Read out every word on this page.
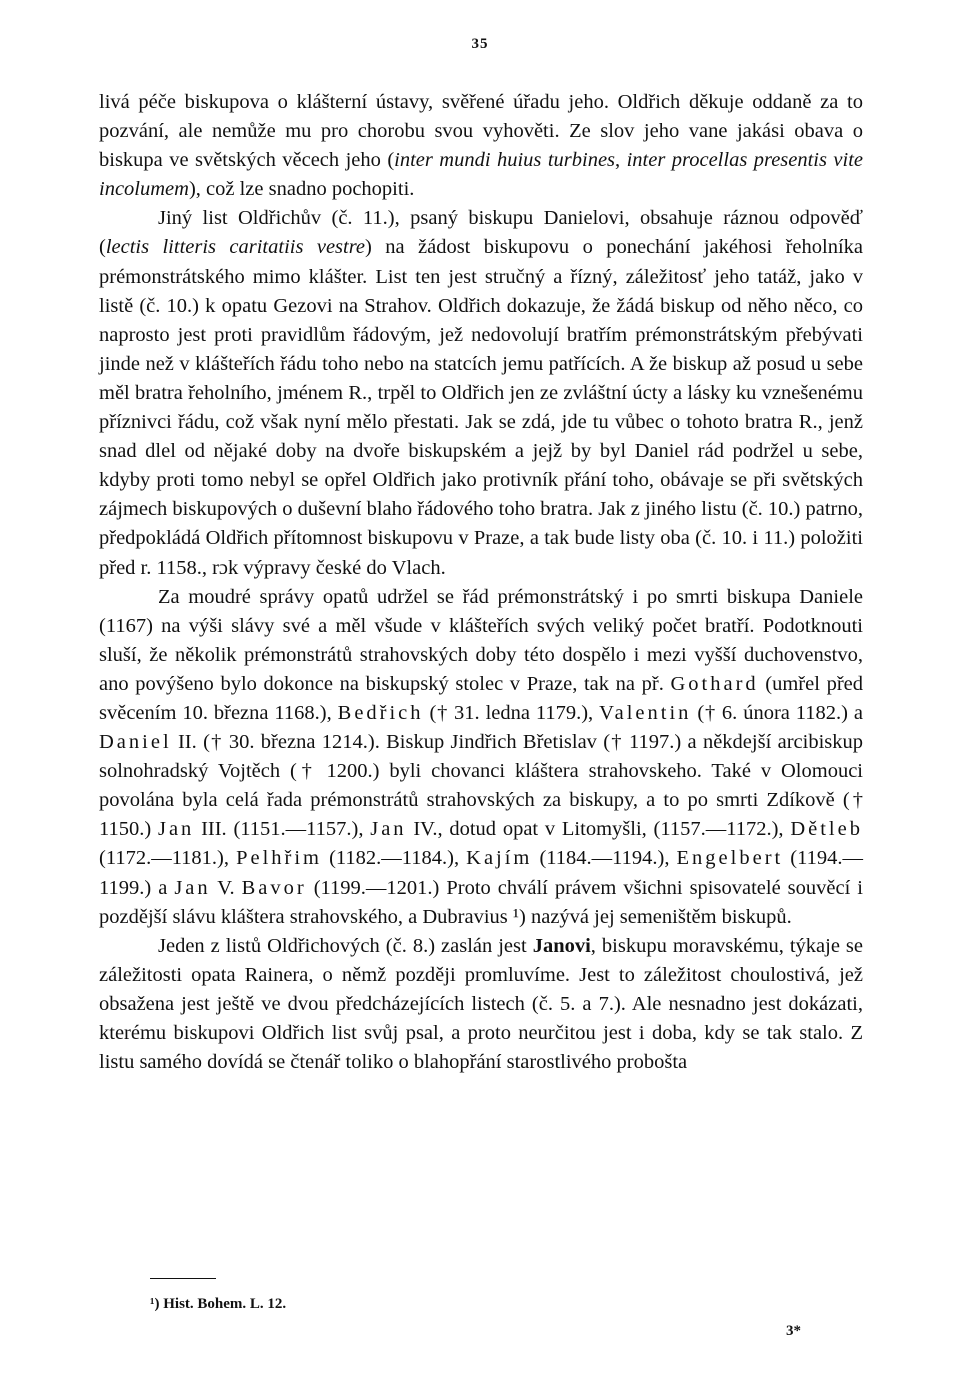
35

livá péče biskupova o klášterní ústavy, svěřené úřadu jeho. Oldřich děkuje oddaně za to pozvání, ale nemůže mu pro chorobu svou vyhověti. Ze slov jeho vane jakási obava o biskupa ve světských věcech jeho (inter mundi huius turbines, inter procellas presentis vite incolumem), což lze snadno pochopiti.

Jiný list Oldřichův (č. 11.), psaný biskupu Danielovi, obsahuje ráznou odpověď (lectis litteris caritatiis vestre) na žádost biskupovu o ponechání jakéhosi řeholníka prémonstrátského mimo klášter. List ten jest stručný a řízný, záležitosť jeho tatáž, jako v listě (č. 10.) k opatu Gezovi na Strahov. Oldřich dokazuje, že žádá biskup od něho něco, co naprosto jest proti pravidlům řádovým, jež nedovolují bratřím prémonstrátským přebývati jinde než v klášteřích řádu toho nebo na statcích jemu patřících. A že biskup až posud u sebe měl bratra řeholního, jménem R., trpěl to Oldřich jen ze zvláštní úcty a lásky ku vznešenému příznivci řádu, což však nyní mělo přestati. Jak se zdá, jde tu vůbec o tohoto bratra R., jenž snad dlel od nějaké doby na dvoře biskupském a jejž by byl Daniel rád podržel u sebe, kdyby proti tomo nebyl se opřel Oldřich jako protivník přání toho, obávaje se při světských zájmech biskupových o duševní blaho řádového toho bratra. Jak z jiného listu (č. 10.) patrno, předpokládá Oldřich přítomnost biskupovu v Praze, a tak bude listy oba (č. 10. i 11.) položiti před r. 1158., rɔk výpravy české do Vlach.

Za moudré správy opatů udržel se řád prémonstrátský i po smrti biskupa Daniele (1167) na výši slávy své a měl všude v klášteřích svých veliký počet bratří. Podotknouti sluší, že několik prémonstrátů strahovských doby této dospělo i mezi vyšší duchovenstvo, ano povýšeno bylo dokonce na biskupský stolec v Praze, tak na př. Gothard (umřel před svěcením 10. března 1168.), Bedřich († 31. ledna 1179.), Valentin († 6. února 1182.) a Daniel II. († 30. března 1214.). Biskup Jindřich Břetislav († 1197.) a někdejší arcibiskup solnohradský Vojtěch († 1200.) byli chovanci kláštera strahovskeho. Také v Olomouci povolána byla celá řada prémonstrátů strahovských za biskupy, a to po smrti Zdíkově († 1150.) Jan III. (1151.—1157.), Jan IV., dotud opat v Litomyšli, (1157.—1172.), Dětleb (1172.—1181.), Pelhřim (1182.—1184.), Kajím (1184.—1194.), Engelbert (1194.—1199.) a Jan V. Bavor (1199.—1201.) Proto chválí právem všichni spisovatelé souvěcí i pozdější slávu kláštera strahovského, a Dubravius ¹) nazývá jej semeništěm biskupů.

Jeden z listů Oldřichových (č. 8.) zaslán jest Janovi, biskupu moravskému, týkaje se záležitosti opata Rainera, o němž později promluvíme. Jest to záležitost choulostivá, jež obsažena jest ještě ve dvou předcházejících listech (č. 5. a 7.). Ale nesnadno jest dokázati, kterému biskupovi Oldřich list svůj psal, a proto neurčitou jest i doba, kdy se tak stalo. Z listu samého dovídá se čtenář toliko o blahopřání starostlivého probošta

¹) Hist. Bohem. L. 12.
3*
